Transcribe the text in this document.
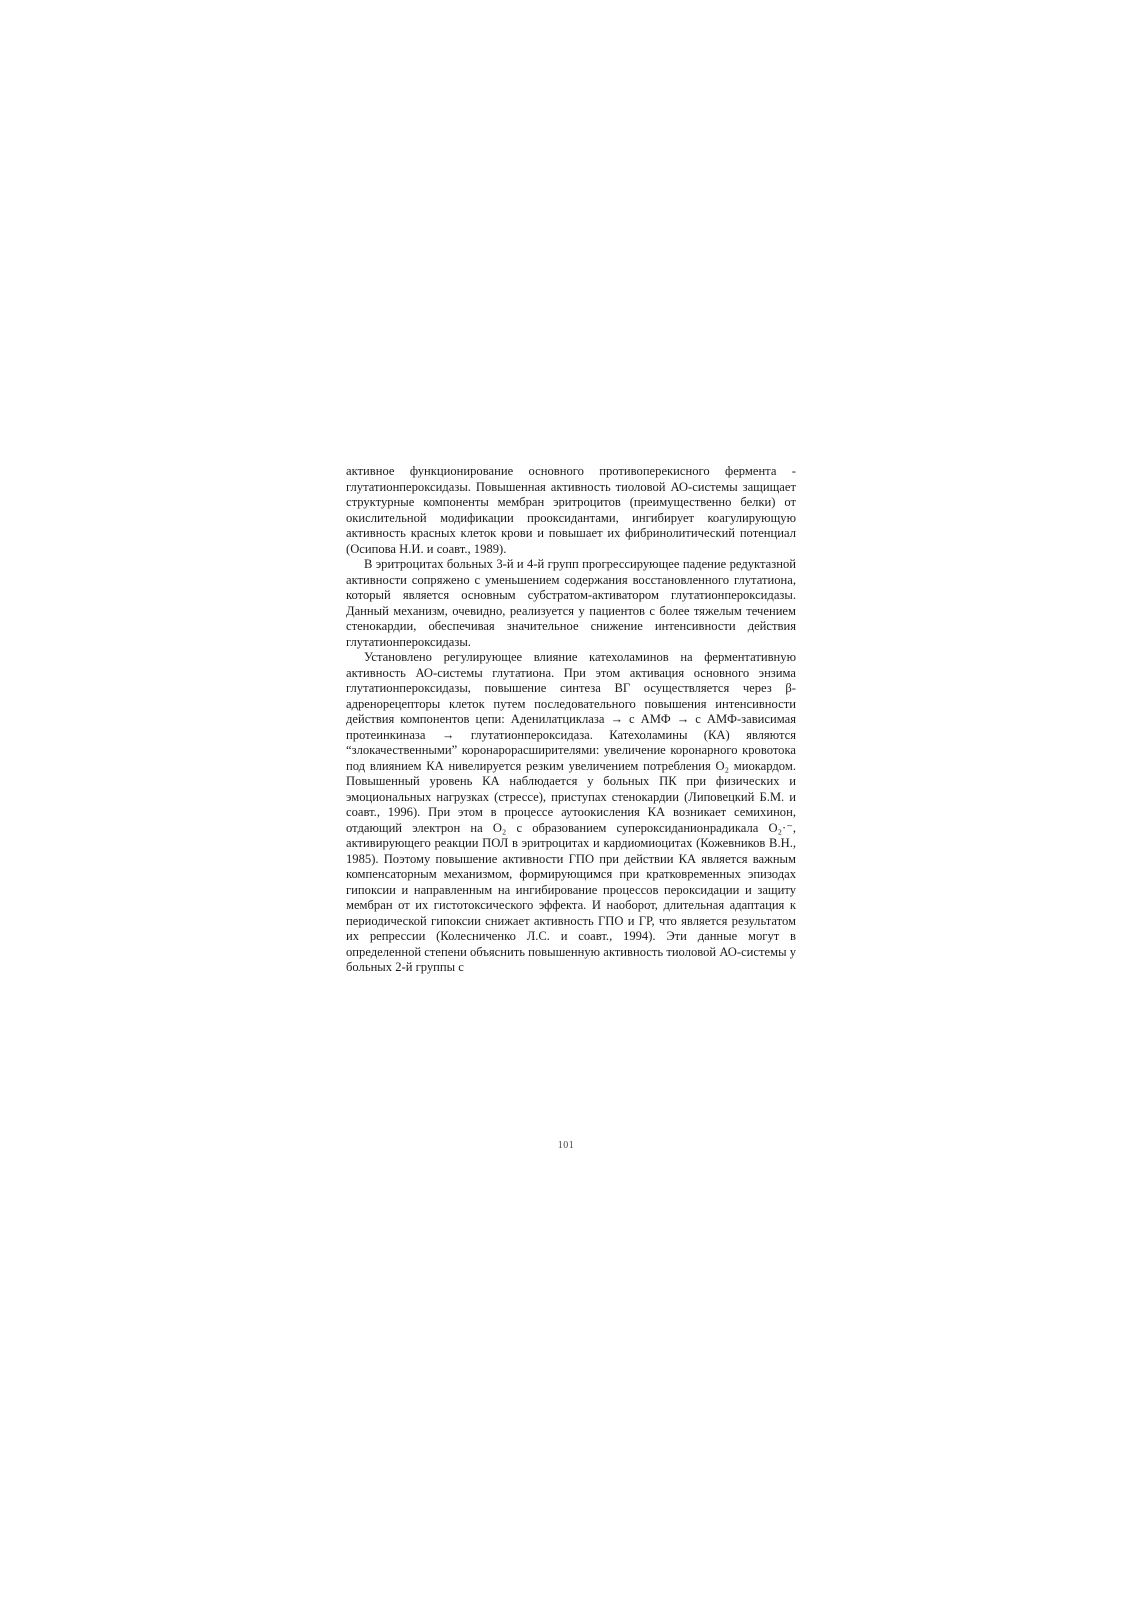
активное функционирование основного противоперекисного фермента - глутатионпероксидазы. Повышенная активность тиоловой АО-системы защищает структурные компоненты мембран эритроцитов (преимущественно белки) от окислительной модификации прооксидантами, ингибирует коагулирующую активность красных клеток крови и повышает их фибринолитический потенциал (Осипова Н.И. и соавт., 1989).

В эритроцитах больных 3-й и 4-й групп прогрессирующее падение редуктазной активности сопряжено с уменьшением содержания восстановленного глутатиона, который является основным субстратом-активатором глутатионпероксидазы. Данный механизм, очевидно, реализуется у пациентов с более тяжелым течением стенокардии, обеспечивая значительное снижение интенсивности действия глутатионпероксидазы.

Установлено регулирующее влияние катехоламинов на ферментативную активность АО-системы глутатиона. При этом активация основного энзима глутатионпероксидазы, повышение синтеза ВГ осуществляется через β-адренорецепторы клеток путем последовательного повышения интенсивности действия компонентов цепи: Аденилатциклаза → с АМФ → с АМФ-зависимая протеинкиназа → глутатионпероксидаза. Катехоламины (КА) являются “злокачественными” коронарорасширителями: увеличение коронарного кровотока под влиянием КА нивелируется резким увеличением потребления O₂ миокардом. Повышенный уровень КА наблюдается у больных ПК при физических и эмоциональных нагрузках (стрессе), приступах стенокардии (Липовецкий Б.М. и соавт., 1996). При этом в процессе аутоокисления КА возникает семихинон, отдающий электрон на O₂ с образованием супероксиданионрадикала O₂·⁻, активирующего реакции ПОЛ в эритроцитах и кардиомиоцитах (Кожевников В.Н., 1985). Поэтому повышение активности ГПО при действии КА является важным компенсаторным механизмом, формирующимся при кратковременных эпизодах гипоксии и направленным на ингибирование процессов пероксидации и защиту мембран от их гистотоксического эффекта. И наоборот, длительная адаптация к периодической гипоксии снижает активность ГПО и ГР, что является результатом их репрессии (Колесниченко Л.С. и соавт., 1994). Эти данные могут в определенной степени объяснить повышенную активность тиоловой АО-системы у больных 2-й группы с

101
